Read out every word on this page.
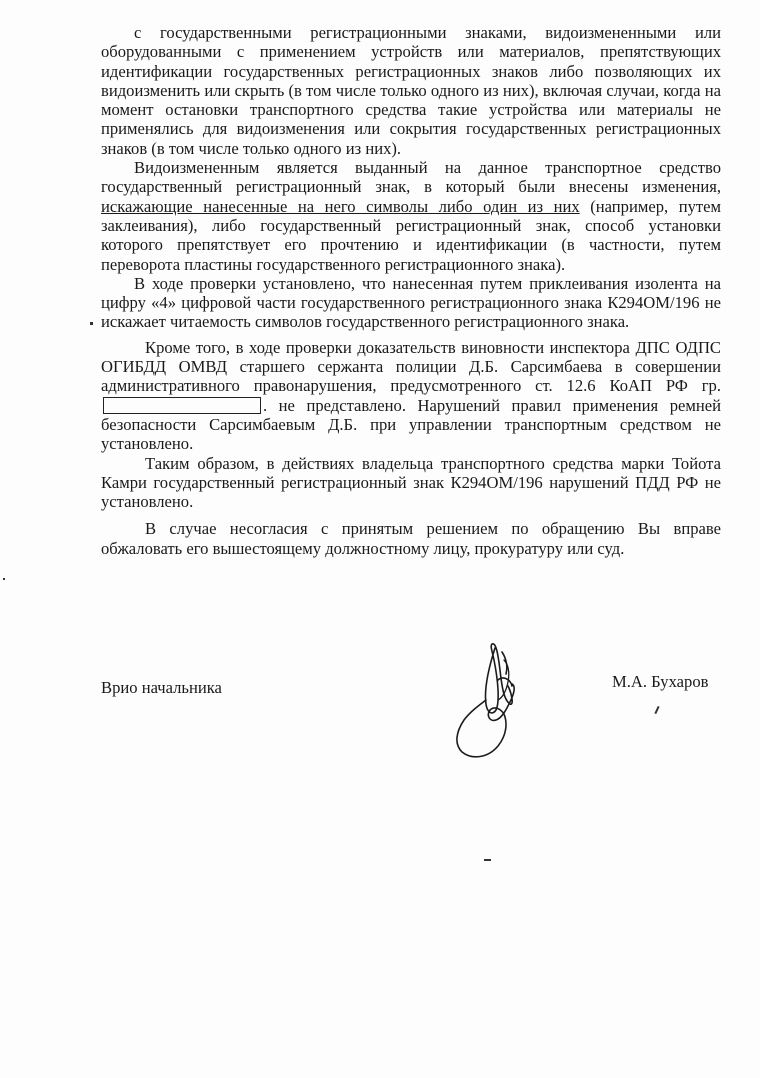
с государственными регистрационными знаками, видоизмененными или оборудованными с применением устройств или материалов, препятствующих идентификации государственных регистрационных знаков либо позволяющих их видоизменить или скрыть (в том числе только одного из них), включая случаи, когда на момент остановки транспортного средства такие устройства или материалы не применялись для видоизменения или сокрытия государственных регистрационных знаков (в том числе только одного из них).

Видоизмененным является выданный на данное транспортное средство государственный регистрационный знак, в который были внесены изменения, искажающие нанесенные на него символы либо один из них (например, путем заклеивания), либо государственный регистрационный знак, способ установки которого препятствует его прочтению и идентификации (в частности, путем переворота пластины государственного регистрационного знака).

В ходе проверки установлено, что нанесенная путем приклеивания изолента на цифру «4» цифровой части государственного регистрационного знака К294ОМ/196 не искажает читаемость символов государственного регистрационного знака.

Кроме того, в ходе проверки доказательств виновности инспектора ДПС ОДПС ОГИБДД ОМВД старшего сержанта полиции Д.Б. Сарсимбаева в совершении административного правонарушения, предусмотренного ст. 12.6 КоАП РФ гр. . не представлено. Нарушений правил применения ремней безопасности Сарсимбаевым Д.Б. при управлении транспортным средством не установлено.

Таким образом, в действиях владельца транспортного средства марки Тойота Камри государственный регистрационный знак К294ОМ/196 нарушений ПДД РФ не установлено.

В случае несогласия с принятым решением по обращению Вы вправе обжаловать его вышестоящему должностному лицу, прокуратуру или суд.

Врио начальника	М.А. Бухаров
